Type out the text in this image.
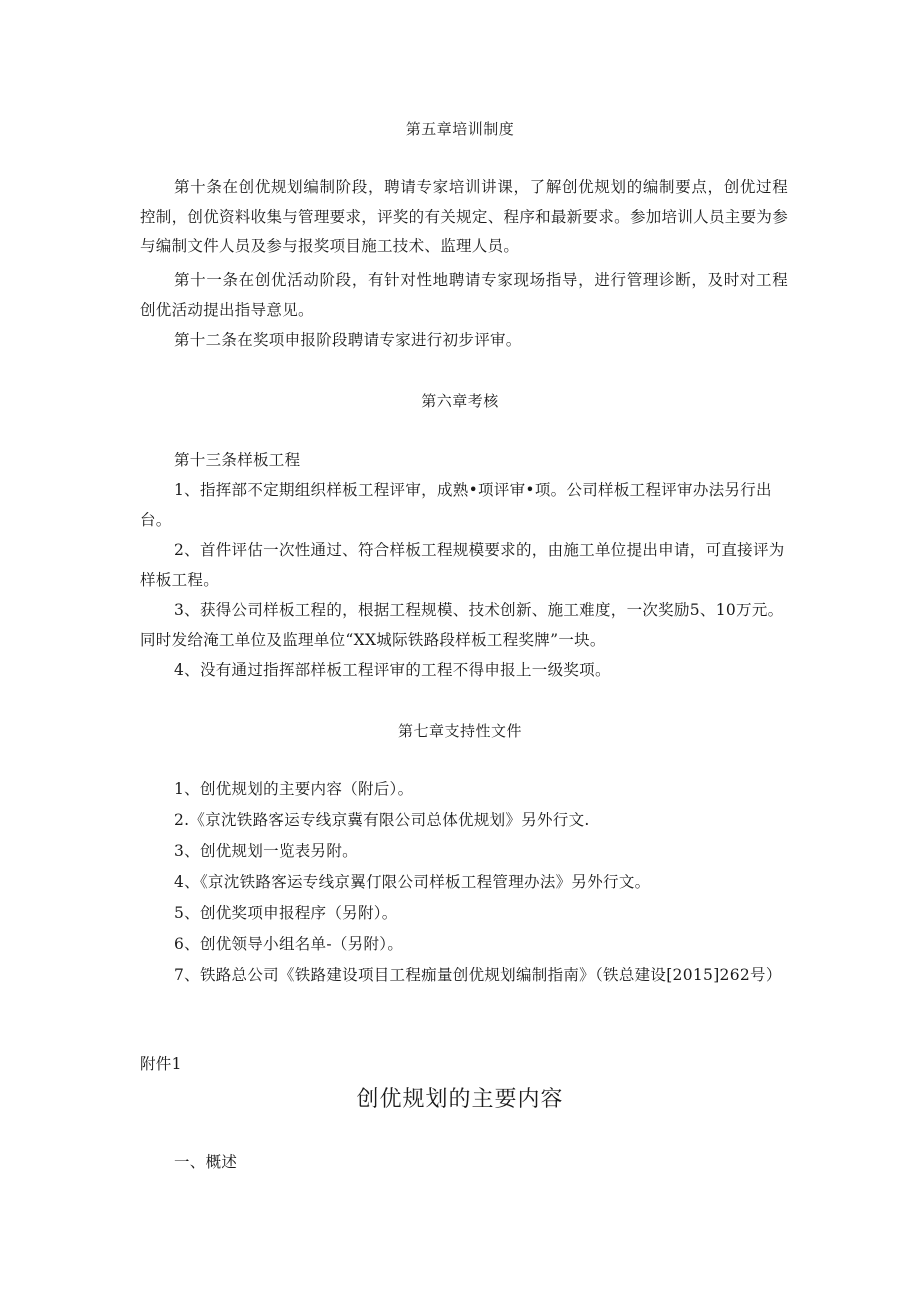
第五章培训制度
第十条在创优规划编制阶段，聘请专家培训讲课，了解创优规划的编制要点，创优过程控制，创优资料收集与管理要求，评奖的有关规定、程序和最新要求。参加培训人员主要为参与编制文件人员及参与报奖项目施工技术、监理人员。
第十一条在创优活动阶段，有针对性地聘请专家现场指导，进行管理诊断，及时对工程创优活动提出指导意见。
第十二条在奖项申报阶段聘请专家进行初步评审。
第六章考核
第十三条样板工程
1、指挥部不定期组织样板工程评审，成熟•项评审•项。公司样板工程评审办法另行出台。
2、首件评估一次性通过、符合样板工程规模要求的，由施工单位提出申请，可直接评为样板工程。
3、获得公司样板工程的，根据工程规模、技术创新、施工难度，一次奖励5、10万元。同时发给淹工单位及监理单位“XX城际铁路段样板工程奖牌”一块。
4、没有通过指挥部样板工程评审的工程不得申报上一级奖项。
第七章支持性文件
1、创优规划的主要内容（附后）。
2.《京沈铁路客运专线京冀有限公司总体优规划》另外行文.
3、创优规划一览表另附。
4、《京沈铁路客运专线京翼仃限公司样板工程管理办法》另外行文。
5、创优奖项申报程序（另附）。
6、创优领导小组名单-（另附）。
7、铁路总公司《铁路建设项目工程痂量创优规划编制指南》（铁总建设[2015]262号）
附件1
创优规划的主要内容
一、概述
